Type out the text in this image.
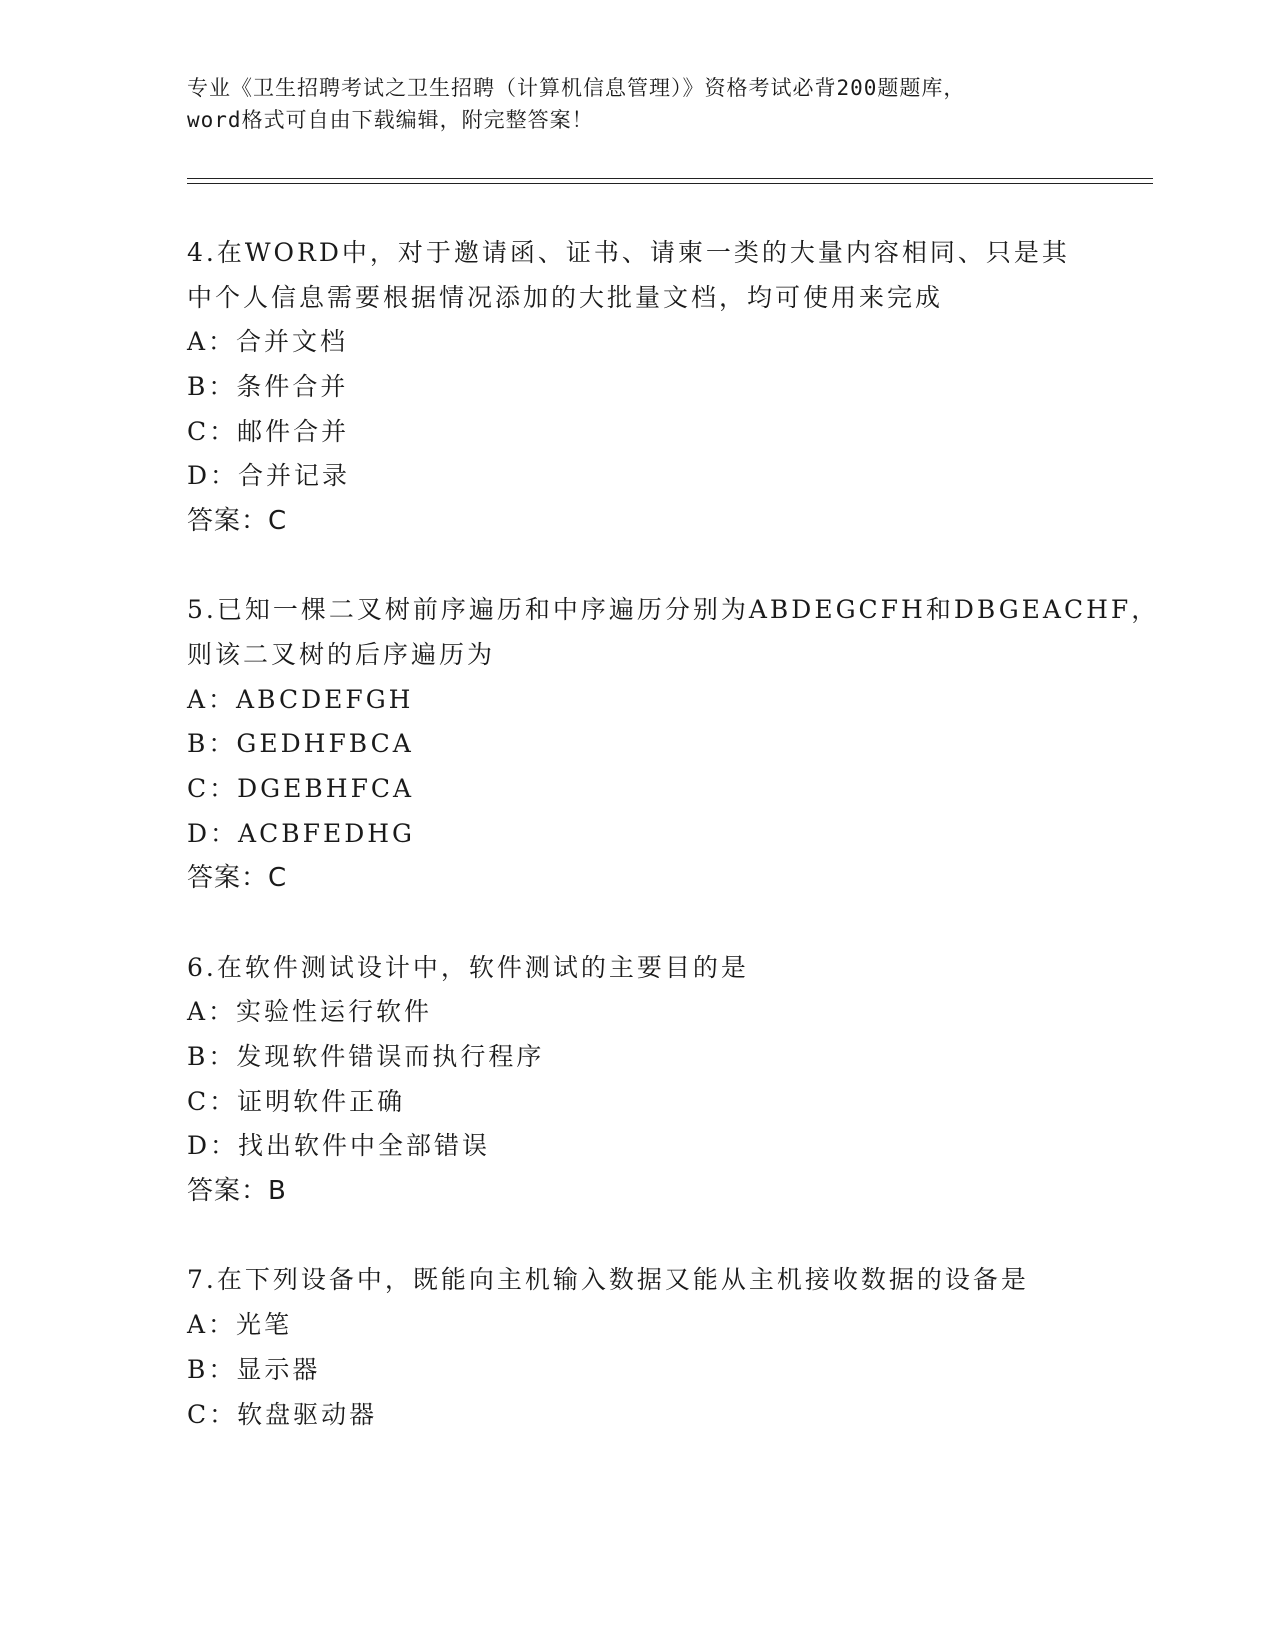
专业《卫生招聘考试之卫生招聘（计算机信息管理）》资格考试必背200题题库，
word格式可自由下载编辑，附完整答案！
4.在WORD中，对于邀请函、证书、请柬一类的大量内容相同、只是其
中个人信息需要根据情况添加的大批量文档，均可使用来完成
A：合并文档
B：条件合并
C：邮件合并
D：合并记录
答案：C
5.已知一棵二叉树前序遍历和中序遍历分别为ABDEGCFH和DBGEACHF，
则该二叉树的后序遍历为
A：ABCDEFGH
B：GEDHFBCA
C：DGEBHFCA
D：ACBFEDHG
答案：C
6.在软件测试设计中，软件测试的主要目的是
A：实验性运行软件
B：发现软件错误而执行程序
C：证明软件正确
D：找出软件中全部错误
答案：B
7.在下列设备中，既能向主机输入数据又能从主机接收数据的设备是
A：光笔
B：显示器
C：软盘驱动器
